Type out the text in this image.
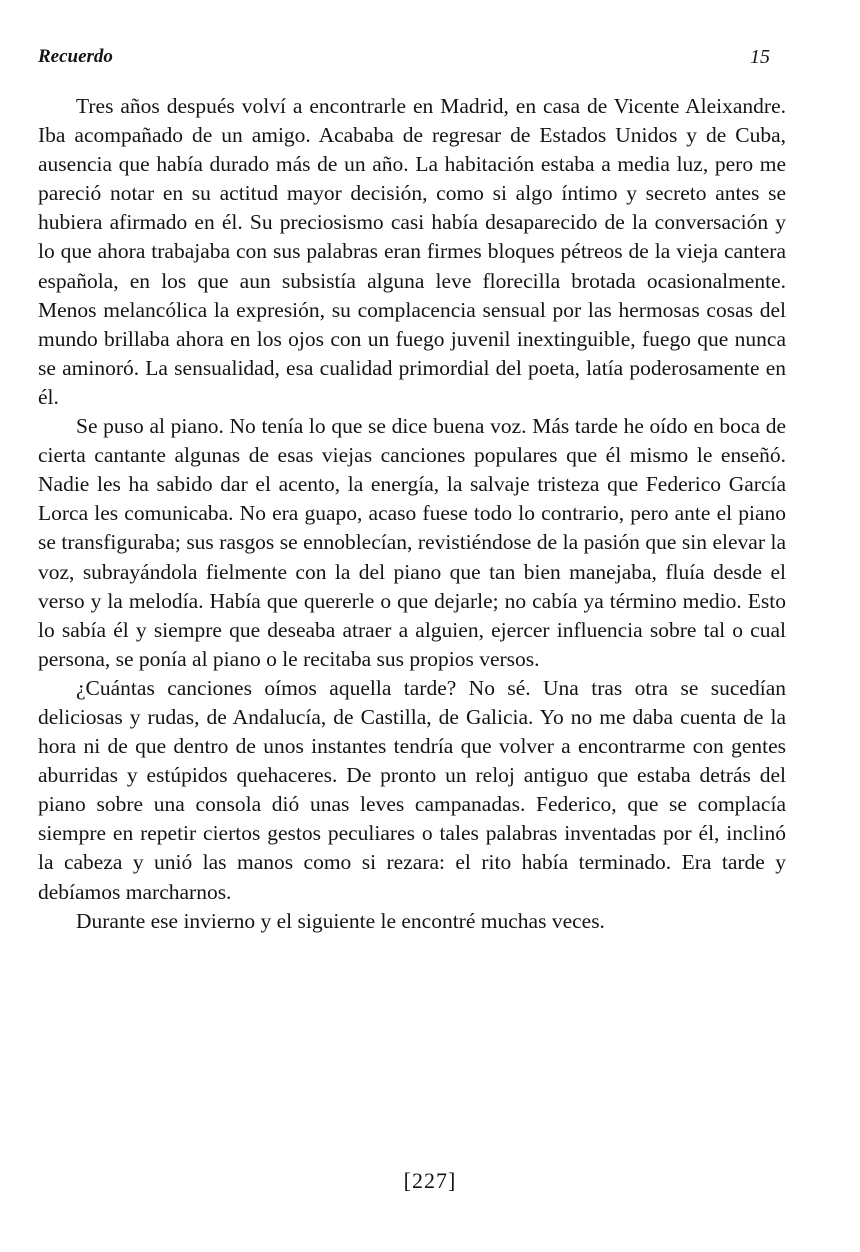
Recuerdo	15

Tres años después volví a encontrarle en Madrid, en casa de Vicente Aleixandre. Iba acompañado de un amigo. Acababa de regresar de Estados Unidos y de Cuba, ausencia que había durado más de un año. La habitación estaba a media luz, pero me pareció notar en su actitud mayor decisión, como si algo íntimo y secreto antes se hubiera afirmado en él. Su preciosismo casi había desaparecido de la conversación y lo que ahora trabajaba con sus palabras eran firmes bloques pétreos de la vieja cantera española, en los que aun subsistía alguna leve florecilla brotada ocasionalmente. Menos melancólica la expresión, su complacencia sensual por las hermosas cosas del mundo brillaba ahora en los ojos con un fuego juvenil inextinguible, fuego que nunca se aminoró. La sensualidad, esa cualidad primordial del poeta, latía poderosamente en él.

Se puso al piano. No tenía lo que se dice buena voz. Más tarde he oído en boca de cierta cantante algunas de esas viejas canciones populares que él mismo le enseñó. Nadie les ha sabido dar el acento, la energía, la salvaje tristeza que Federico García Lorca les comunicaba. No era guapo, acaso fuese todo lo contrario, pero ante el piano se transfiguraba; sus rasgos se ennoblecían, revistiéndose de la pasión que sin elevar la voz, subrayándola fielmente con la del piano que tan bien manejaba, fluía desde el verso y la melodía. Había que quererle o que dejarle; no cabía ya término medio. Esto lo sabía él y siempre que deseaba atraer a alguien, ejercer influencia sobre tal o cual persona, se ponía al piano o le recitaba sus propios versos.

¿Cuántas canciones oímos aquella tarde? No sé. Una tras otra se sucedían deliciosas y rudas, de Andalucía, de Castilla, de Galicia. Yo no me daba cuenta de la hora ni de que dentro de unos instantes tendría que volver a encontrarme con gentes aburridas y estúpidos quehaceres. De pronto un reloj antiguo que estaba detrás del piano sobre una consola dió unas leves campanadas. Federico, que se complacía siempre en repetir ciertos gestos peculiares o tales palabras inventadas por él, inclinó la cabeza y unió las manos como si rezara: el rito había terminado. Era tarde y debíamos marcharnos.

Durante ese invierno y el siguiente le encontré muchas veces.

[227]
